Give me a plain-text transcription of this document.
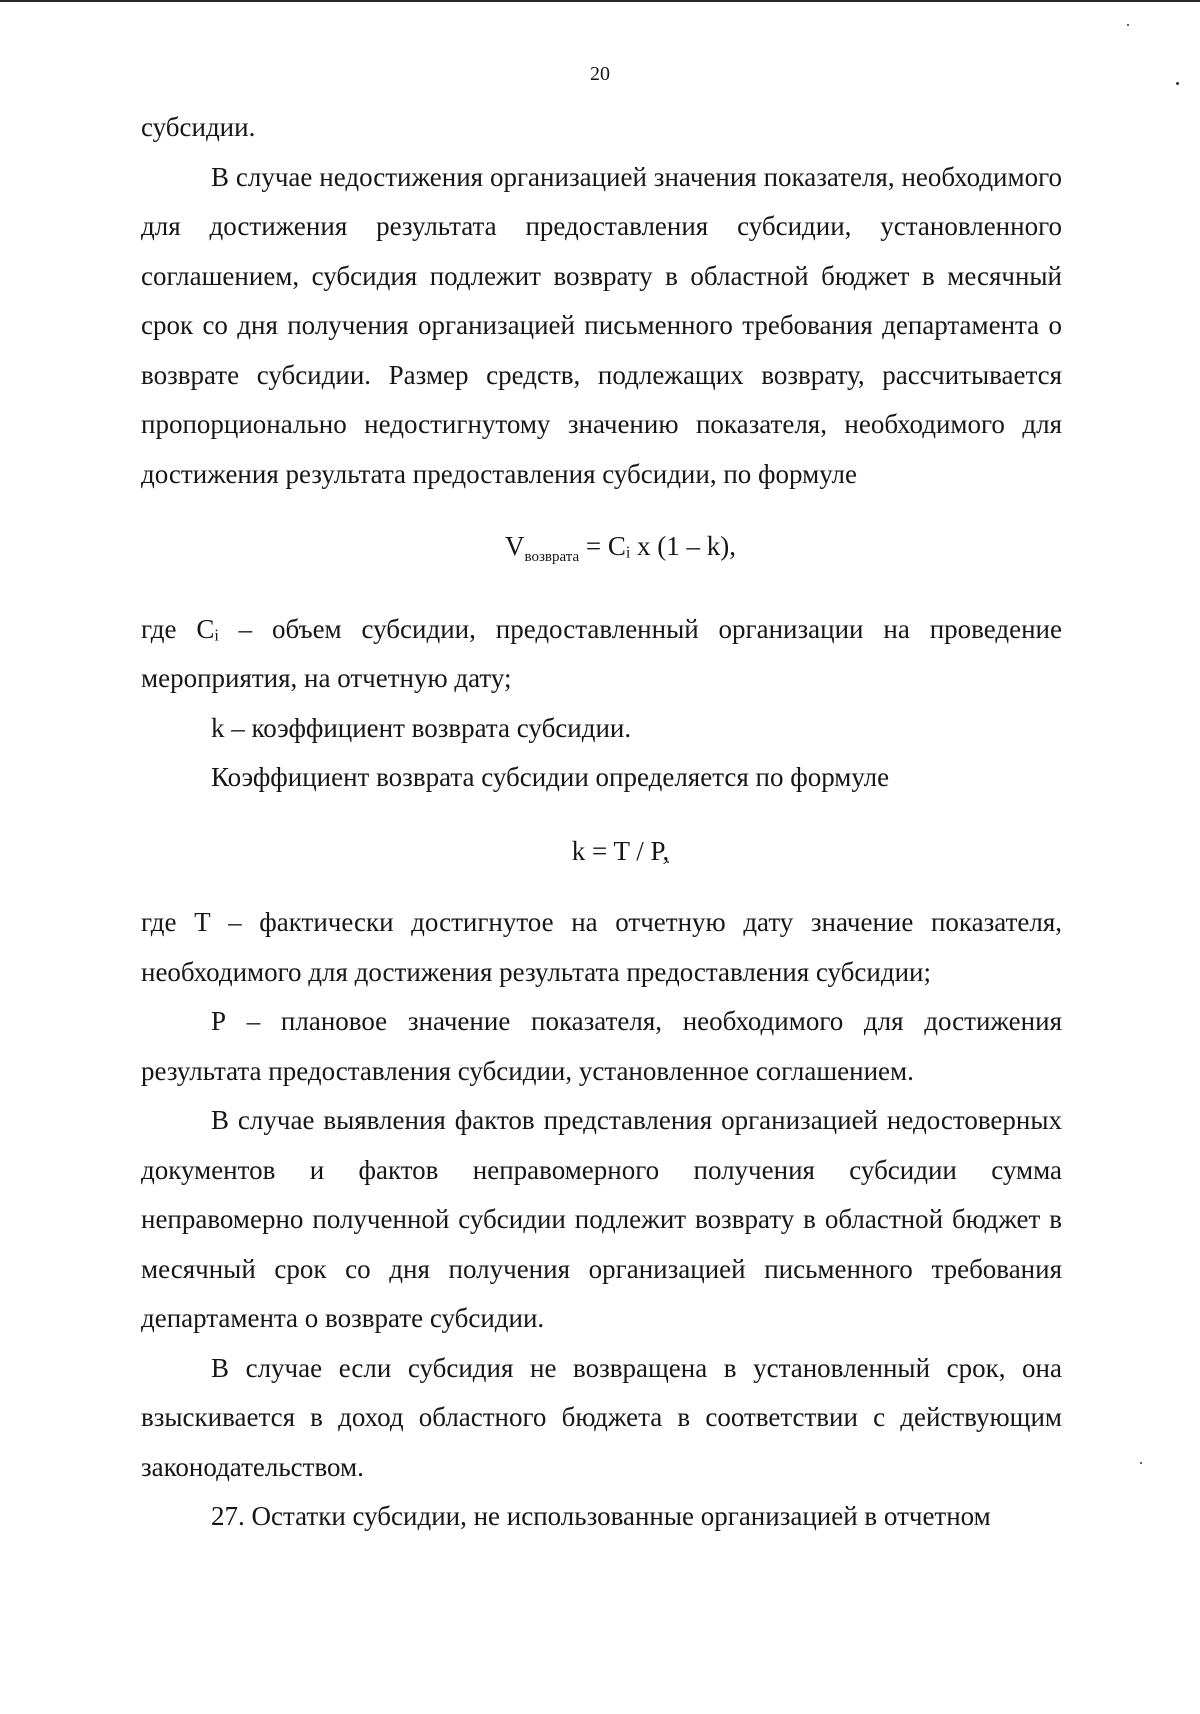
20

субсидии.

В случае недостижения организацией значения показателя, необходимого для достижения результата предоставления субсидии, установленного соглашением, субсидия подлежит возврату в областной бюджет в месячный срок со дня получения организацией письменного требования департамента о возврате субсидии. Размер средств, подлежащих возврату, рассчитывается пропорционально недостигнутому значению показателя, необходимого для достижения результата предоставления субсидии, по формуле

$V_{возврата}$ = Cᵢ x (1 – k),

где Cᵢ – объем субсидии, предоставленный организации на проведение мероприятия, на отчетную дату;

k – коэффициент возврата субсидии.

Коэффициент возврата субсидии определяется по формуле

k = T / P,

где Т – фактически достигнутое на отчетную дату значение показателя, необходимого для достижения результата предоставления субсидии;

Р – плановое значение показателя, необходимого для достижения результата предоставления субсидии, установленное соглашением.

В случае выявления фактов представления организацией недостоверных документов и фактов неправомерного получения субсидии сумма неправомерно полученной субсидии подлежит возврату в областной бюджет в месячный срок со дня получения организацией письменного требования департамента о возврате субсидии.

В случае если субсидия не возвращена в установленный срок, она взыскивается в доход областного бюджета в соответствии с действующим законодательством.

27. Остатки субсидии, не использованные организацией в отчетном
